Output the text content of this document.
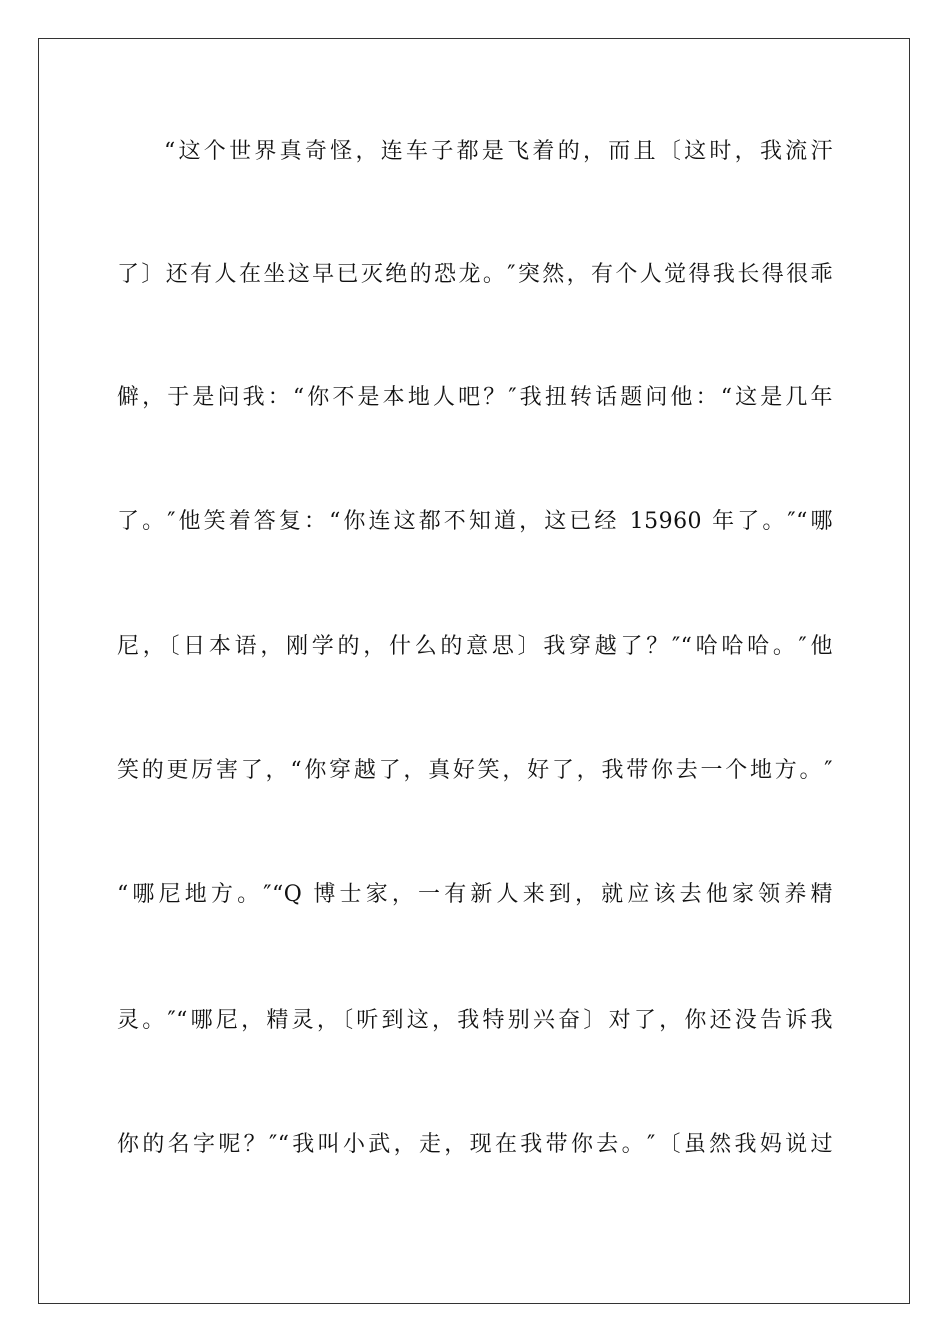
“这个世界真奇怪，连车子都是飞着的，而且〔这时，我流汗
了〕还有人在坐这早已灭绝的恐龙。″突然，有个人觉得我长得很乖
僻，于是问我：“你不是本地人吧？″我扭转话题问他：“这是几年
了。″他笑着答复：“你连这都不知道，这已经 15960 年了。″“哪
尼，〔日本语，刚学的，什么的意思〕我穿越了？″“哈哈哈。″他
笑的更厉害了，“你穿越了，真好笑，好了，我带你去一个地方。″
“哪尼地方。″“Q 博士家，一有新人来到，就应该去他家领养精
灵。″“哪尼，精灵，〔听到这，我特别兴奋〕对了，你还没告诉我
你的名字呢？″“我叫小武，走，现在我带你去。″〔虽然我妈说过
